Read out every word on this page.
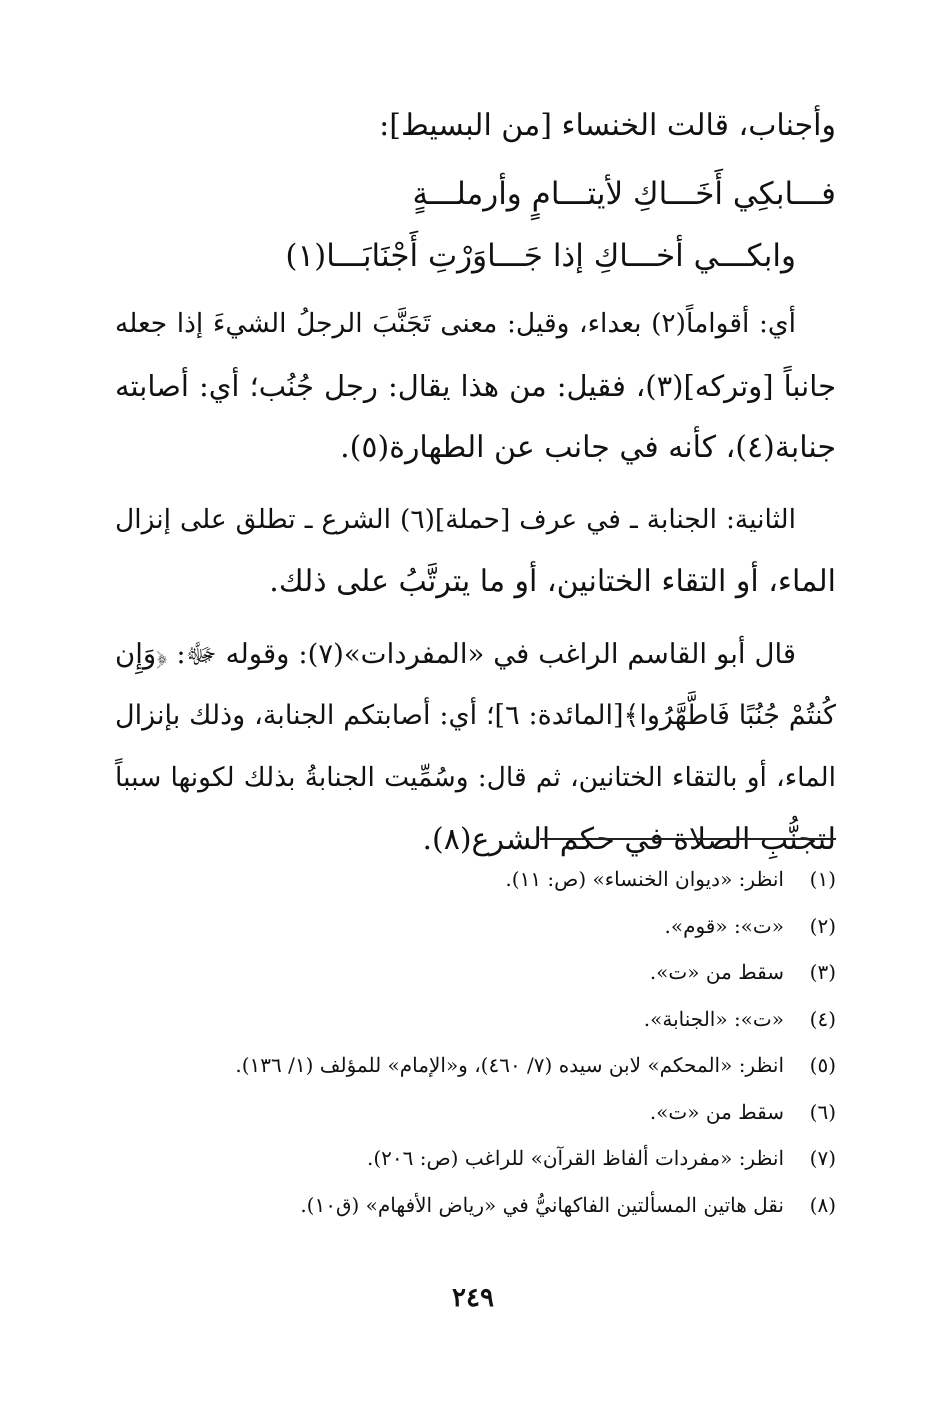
وأجناب، قالت الخنساء [من البسيط]:
فـــابكِي أَخَـــاكِ لأيتـــامٍ وأرملـــةٍ
وابكـــي أخـــاكِ إذا جَـــاوَرْتِ أَجْنَابَـــا(١)
أي: أقواماً(٢) بعداء، وقيل: معنى تَجَنَّبَ الرجلُ الشيءَ إذا جعله
جانباً [وتركه](٣)، فقيل: من هذا يقال: رجل جُنُب؛ أي: أصابته
جنابة(٤)، كأنه في جانب عن الطهارة(٥).
الثانية: الجنابة ـ في عرف [حملة](٦) الشرع ـ تطلق على إنزال
الماء، أو التقاء الختانين، أو ما يترتَّبُ على ذلك.
قال أبو القاسم الراغب في «المفردات»(٧): وقوله ﷻ: ﴿وَإِن
كُنتُمْ جُنُبًا فَاطَّهَّرُوا﴾[المائدة: ٦]؛ أي: أصابتكم الجنابة، وذلك بإنزال
الماء، أو بالتقاء الختانين، ثم قال: وسُمِّيت الجنابةُ بذلك لكونها سبباً
لتجنُّبِ الصلاة في حكم الشرع(٨).
(١)
انظر: «ديوان الخنساء» (ص: ١١).
(٢)
«ت»: «قوم».
(٣)
سقط من «ت».
(٤)
«ت»: «الجنابة».
(٥)
انظر: «المحكم» لابن سيده (٧/ ٤٦٠)، و«الإمام» للمؤلف (١/ ١٣٦).
(٦)
سقط من «ت».
(٧)
انظر: «مفردات ألفاظ القرآن» للراغب (ص: ٢٠٦).
(٨)
نقل هاتين المسألتين الفاكهانيُّ في «رياض الأفهام» (ق١٠).
٢٤٩
